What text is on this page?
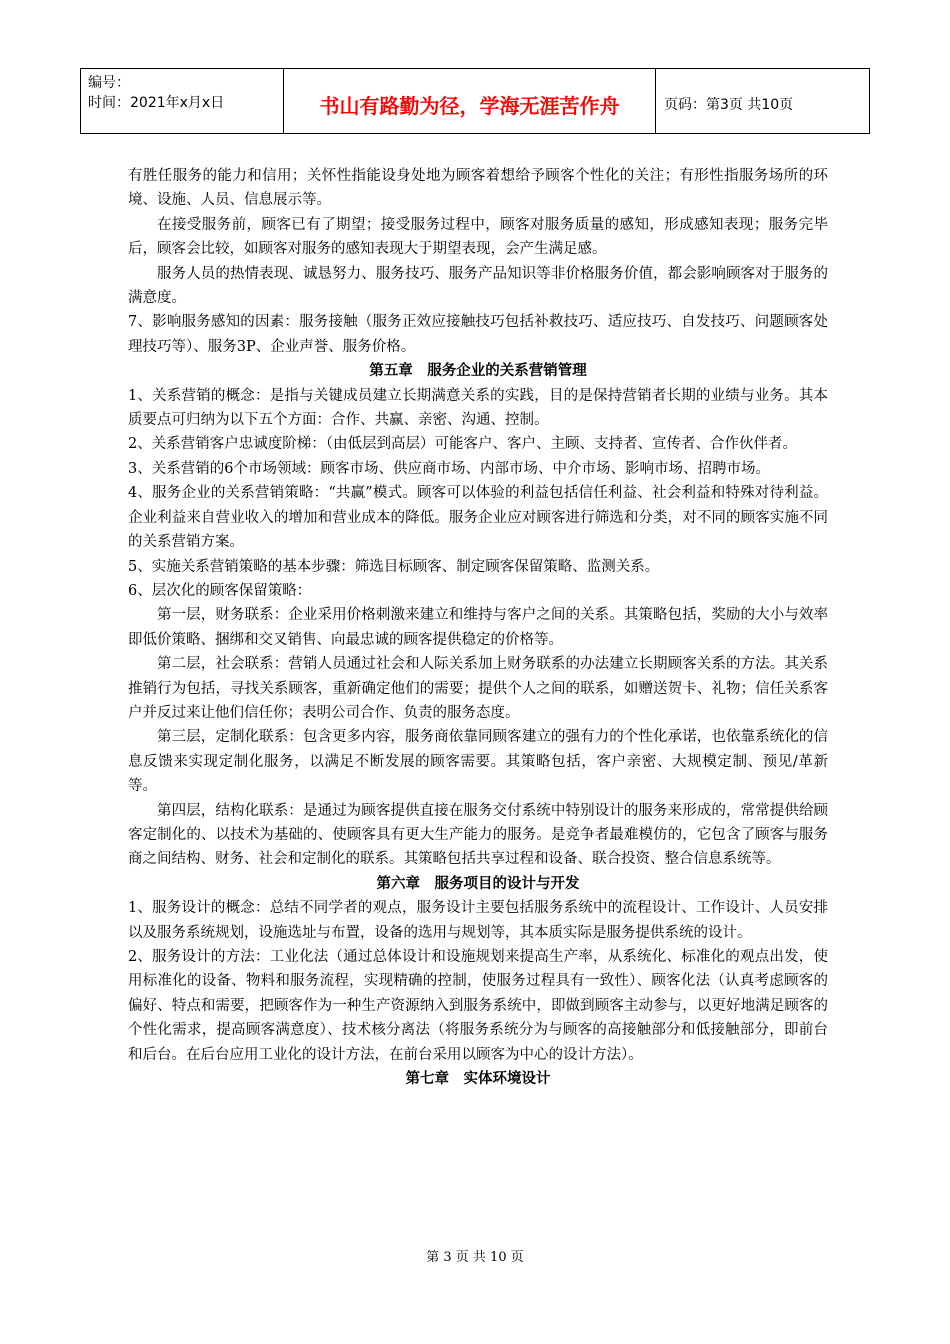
编号：
时间：2021年x月x日	书山有路勤为径，学海无涯苦作舟	页码：第3页 共10页

有胜任服务的能力和信用；关怀性指能设身处地为顾客着想给予顾客个性化的关注；有形性指服务场所的环境、设施、人员、信息展示等。

在接受服务前，顾客已有了期望；接受服务过程中，顾客对服务质量的感知，形成感知表现；服务完毕后，顾客会比较，如顾客对服务的感知表现大于期望表现，会产生满足感。

服务人员的热情表现、诚恳努力、服务技巧、服务产品知识等非价格服务价值，都会影响顾客对于服务的满意度。

7、影响服务感知的因素：服务接触（服务正效应接触技巧包括补救技巧、适应技巧、自发技巧、问题顾客处理技巧等）、服务3P、企业声誉、服务价格。

第五章　服务企业的关系营销管理

1、关系营销的概念：是指与关键成员建立长期满意关系的实践，目的是保持营销者长期的业绩与业务。其本质要点可归纳为以下五个方面：合作、共赢、亲密、沟通、控制。

2、关系营销客户忠诚度阶梯：（由低层到高层）可能客户、客户、主顾、支持者、宣传者、合作伙伴者。

3、关系营销的6个市场领域：顾客市场、供应商市场、内部市场、中介市场、影响市场、招聘市场。

4、服务企业的关系营销策略：“共赢”模式。顾客可以体验的利益包括信任利益、社会利益和特殊对待利益。企业利益来自营业收入的增加和营业成本的降低。服务企业应对顾客进行筛选和分类，对不同的顾客实施不同的关系营销方案。

5、实施关系营销策略的基本步骤：筛选目标顾客、制定顾客保留策略、监测关系。

6、层次化的顾客保留策略：

第一层，财务联系：企业采用价格刺激来建立和维持与客户之间的关系。其策略包括，奖励的大小与效率即低价策略、捆绑和交叉销售、向最忠诚的顾客提供稳定的价格等。

第二层，社会联系：营销人员通过社会和人际关系加上财务联系的办法建立长期顾客关系的方法。其关系推销行为包括，寻找关系顾客，重新确定他们的需要；提供个人之间的联系，如赠送贺卡、礼物；信任关系客户并反过来让他们信任你；表明公司合作、负责的服务态度。

第三层，定制化联系：包含更多内容，服务商依靠同顾客建立的强有力的个性化承诺，也依靠系统化的信息反馈来实现定制化服务，以满足不断发展的顾客需要。其策略包括，客户亲密、大规模定制、预见/革新等。

第四层，结构化联系：是通过为顾客提供直接在服务交付系统中特别设计的服务来形成的，常常提供给顾客定制化的、以技术为基础的、使顾客具有更大生产能力的服务。是竞争者最难模仿的，它包含了顾客与服务商之间结构、财务、社会和定制化的联系。其策略包括共享过程和设备、联合投资、整合信息系统等。

第六章　服务项目的设计与开发

1、服务设计的概念：总结不同学者的观点，服务设计主要包括服务系统中的流程设计、工作设计、人员安排以及服务系统规划，设施选址与布置，设备的选用与规划等，其本质实际是服务提供系统的设计。

2、服务设计的方法：工业化法（通过总体设计和设施规划来提高生产率，从系统化、标准化的观点出发，使用标准化的设备、物料和服务流程，实现精确的控制，使服务过程具有一致性）、顾客化法（认真考虑顾客的偏好、特点和需要，把顾客作为一种生产资源纳入到服务系统中，即做到顾客主动参与，以更好地满足顾客的个性化需求，提高顾客满意度）、技术核分离法（将服务系统分为与顾客的高接触部分和低接触部分，即前台和后台。在后台应用工业化的设计方法，在前台采用以顾客为中心的设计方法）。

第七章　实体环境设计
第 3 页 共 10 页
